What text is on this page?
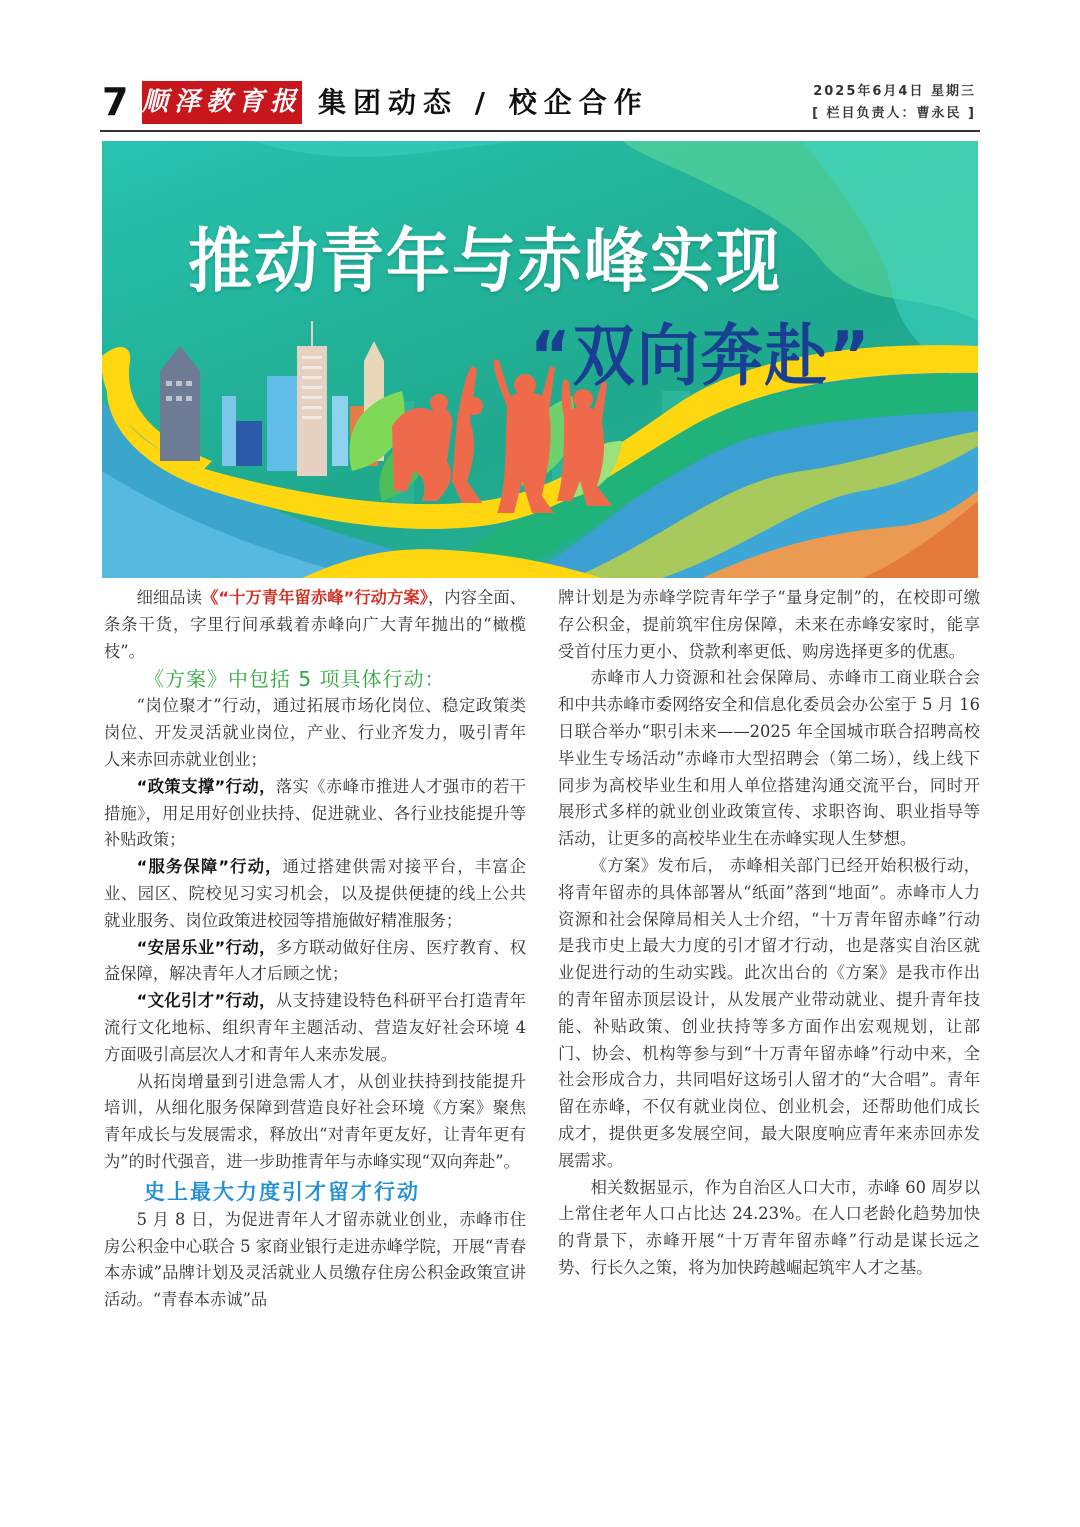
7 顺泽教育报 集团动态 / 校企合作	2025年6月4日 星期三
[ 栏目负责人：曹永民 ]
推动青年与赤峰实现
“双向奔赴”

细细品读《“十万青年留赤峰”行动方案》，内容全面、条条干货，字里行间承载着赤峰向广大青年抛出的“橄榄枝”。

《方案》中包括 5 项具体行动：

“岗位聚才”行动，通过拓展市场化岗位、稳定政策类岗位、开发灵活就业岗位，产业、行业齐发力，吸引青年人来赤回赤就业创业；

“政策支撑”行动，落实《赤峰市推进人才强市的若干措施》，用足用好创业扶持、促进就业、各行业技能提升等补贴政策；

“服务保障”行动，通过搭建供需对接平台，丰富企业、园区、院校见习实习机会，以及提供便捷的线上公共就业服务、岗位政策进校园等措施做好精准服务；

“安居乐业”行动，多方联动做好住房、医疗教育、权益保障，解决青年人才后顾之忧；

“文化引才”行动，从支持建设特色科研平台打造青年流行文化地标、组织青年主题活动、营造友好社会环境 4 方面吸引高层次人才和青年人来赤发展。

从拓岗增量到引进急需人才，从创业扶持到技能提升培训，从细化服务保障到营造良好社会环境《方案》聚焦青年成长与发展需求，释放出“对青年更友好，让青年更有为”的时代强音，进一步助推青年与赤峰实现“双向奔赴”。

史上最大力度引才留才行动

5 月 8 日，为促进青年人才留赤就业创业，赤峰市住房公积金中心联合 5 家商业银行走进赤峰学院，开展“青春本赤诚”品牌计划及灵活就业人员缴存住房公积金政策宣讲活动。“青春本赤诚”品

牌计划是为赤峰学院青年学子“量身定制”的，在校即可缴存公积金，提前筑牢住房保障，未来在赤峰安家时，能享受首付压力更小、贷款利率更低、购房选择更多的优惠。

赤峰市人力资源和社会保障局、赤峰市工商业联合会和中共赤峰市委网络安全和信息化委员会办公室于 5 月 16 日联合举办“职引未来——2025 年全国城市联合招聘高校毕业生专场活动”赤峰市大型招聘会（第二场），线上线下同步为高校毕业生和用人单位搭建沟通交流平台，同时开展形式多样的就业创业政策宣传、求职咨询、职业指导等活动，让更多的高校毕业生在赤峰实现人生梦想。

《方案》发布后， 赤峰相关部门已经开始积极行动，将青年留赤的具体部署从“纸面”落到“地面”。赤峰市人力资源和社会保障局相关人士介绍，“十万青年留赤峰”行动是我市史上最大力度的引才留才行动，也是落实自治区就业促进行动的生动实践。此次出台的《方案》是我市作出的青年留赤顶层设计，从发展产业带动就业、提升青年技能、补贴政策、创业扶持等多方面作出宏观规划，让部门、协会、机构等参与到“十万青年留赤峰”行动中来，全社会形成合力，共同唱好这场引人留才的“大合唱”。青年留在赤峰，不仅有就业岗位、创业机会，还帮助他们成长成才，提供更多发展空间，最大限度响应青年来赤回赤发展需求。

相关数据显示，作为自治区人口大市，赤峰 60 周岁以上常住老年人口占比达 24.23%。在人口老龄化趋势加快的背景下，赤峰开展“十万青年留赤峰”行动是谋长远之势、行长久之策，将为加快跨越崛起筑牢人才之基。
